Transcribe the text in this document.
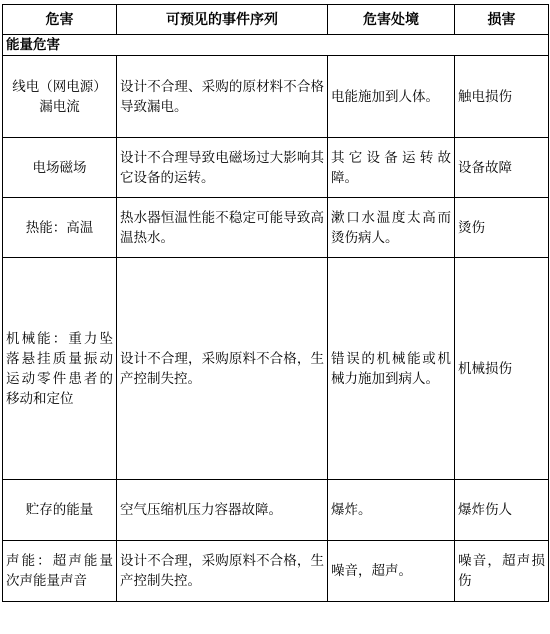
危害	可预见的事件序列	危害处境	损害
能量危害			
线电（网电源）漏电流	设计不合理、采购的原材料不合格导致漏电。	电能施加到人体。	触电损伤
电场磁场	设计不合理导致电磁场过大影响其它设备的运转。	其它设备运转故障。	设备故障
热能：高温	热水器恒温性能不稳定可能导致高温热水。	漱口水温度太高而烫伤病人。	烫伤
机械能：重力坠落悬挂质量振动运动零件患者的移动和定位	设计不合理，采购原料不合格，生产控制失控。	错误的机械能或机械力施加到病人。	机械损伤
贮存的能量	空气压缩机压力容器故障。	爆炸。	爆炸伤人
声能：超声能量次声能量声音	设计不合理，采购原料不合格，生产控制失控。	噪音，超声。	噪音，超声损伤
